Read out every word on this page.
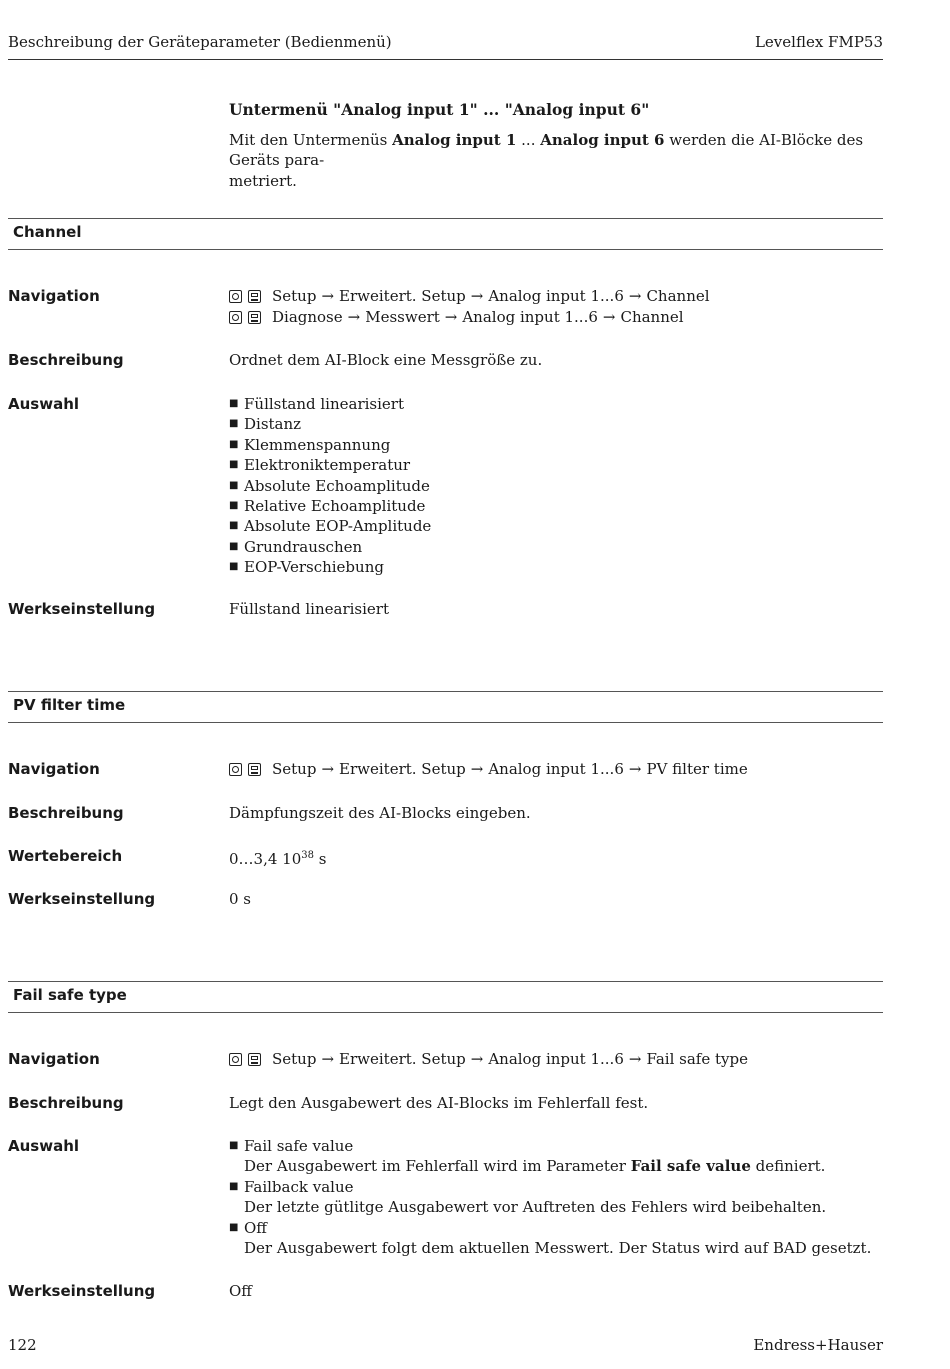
Beschreibung der Geräteparameter (Bedienmenü)	Levelflex FMP53
Untermenü "Analog input 1" ... "Analog input 6"
Mit den Untermenüs Analog input 1 ... Analog input 6 werden die AI-Blöcke des Geräts para-
metriert.
Channel
Navigation	Setup → Erweitert. Setup → Analog input 1...6 → Channel
Diagnose → Messwert → Analog input 1...6 → Channel
Beschreibung	Ordnet dem AI-Block eine Messgröße zu.
Auswahl	■ Füllstand linearisiert
■ Distanz
■ Klemmenspannung
■ Elektroniktemperatur
■ Absolute Echoamplitude
■ Relative Echoamplitude
■ Absolute EOP-Amplitude
■ Grundrauschen
■ EOP-Verschiebung
Werkseinstellung	Füllstand linearisiert
PV filter time
Navigation	Setup → Erweitert. Setup → Analog input 1...6 → PV filter time
Beschreibung	Dämpfungszeit des AI-Blocks eingeben.
Wertebereich	0…3,4 $10^{38}$ s
Werkseinstellung	0 s
Fail safe type
Navigation	Setup → Erweitert. Setup → Analog input 1...6 → Fail safe type
Beschreibung	Legt den Ausgabewert des AI-Blocks im Fehlerfall fest.
Auswahl	■ Fail safe value
Der Ausgabewert im Fehlerfall wird im Parameter Fail safe value definiert.
■ Failback value
Der letzte gütlitge Ausgabewert vor Auftreten des Fehlers wird beibehalten.
■ Off
Der Ausgabewert folgt dem aktuellen Messwert. Der Status wird auf BAD gesetzt.
Werkseinstellung	Off
122	Endress+Hauser
